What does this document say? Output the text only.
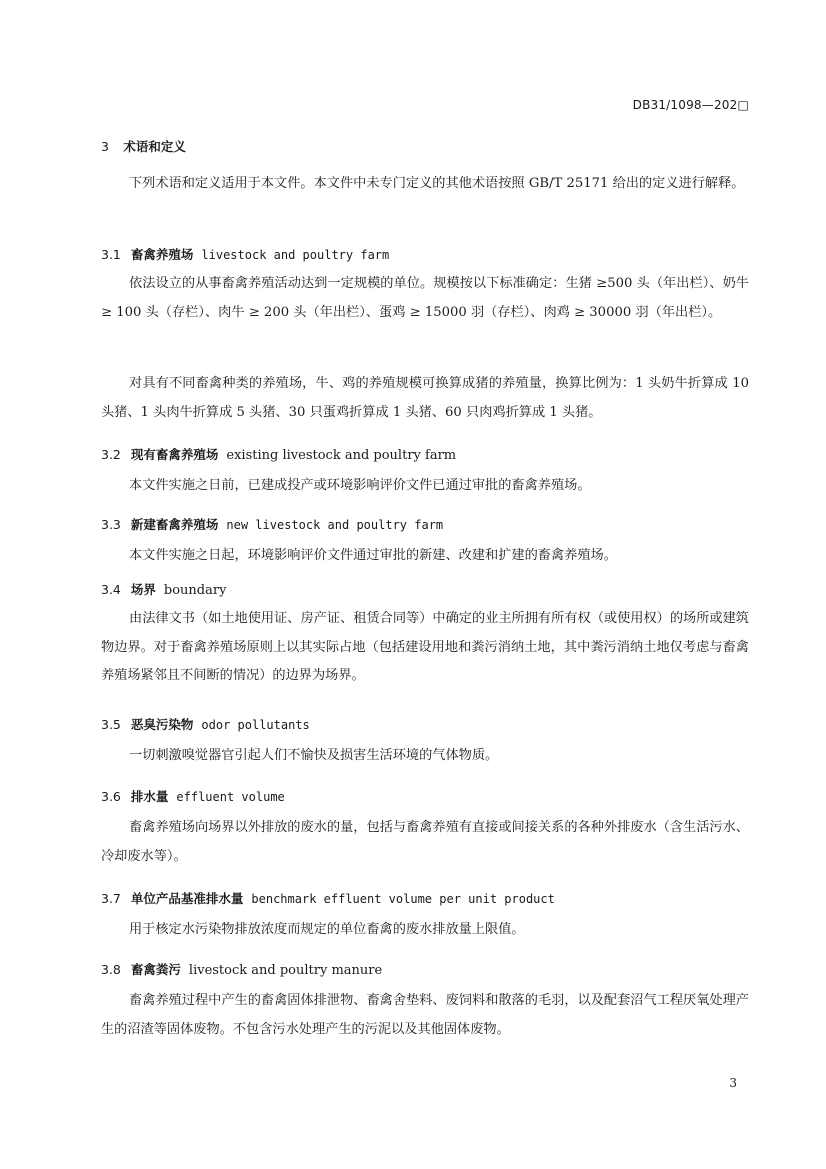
DB31/1098—202□
3 术语和定义

下列术语和定义适用于本文件。本文件中未专门定义的其他术语按照 GB/T 25171 给出的定义进行解释。

3.1 畜禽养殖场 livestock and poultry farm

依法设立的从事畜禽养殖活动达到一定规模的单位。规模按以下标准确定：生猪 ≥500 头（年出栏）、奶牛 ≥ 100 头（存栏）、肉牛 ≥ 200 头（年出栏）、蛋鸡 ≥ 15000 羽（存栏）、肉鸡 ≥ 30000 羽（年出栏）。

对具有不同畜禽种类的养殖场，牛、鸡的养殖规模可换算成猪的养殖量，换算比例为：1 头奶牛折算成 10 头猪、1 头肉牛折算成 5 头猪、30 只蛋鸡折算成 1 头猪、60 只肉鸡折算成 1 头猪。

3.2 现有畜禽养殖场 existing livestock and poultry farm

本文件实施之日前，已建成投产或环境影响评价文件已通过审批的畜禽养殖场。

3.3 新建畜禽养殖场 new livestock and poultry farm

本文件实施之日起，环境影响评价文件通过审批的新建、改建和扩建的畜禽养殖场。

3.4 场界 boundary

由法律文书（如土地使用证、房产证、租赁合同等）中确定的业主所拥有所有权（或使用权）的场所或建筑物边界。对于畜禽养殖场原则上以其实际占地（包括建设用地和粪污消纳土地，其中粪污消纳土地仅考虑与畜禽养殖场紧邻且不间断的情况）的边界为场界。

3.5 恶臭污染物 odor pollutants

一切刺激嗅觉器官引起人们不愉快及损害生活环境的气体物质。

3.6 排水量 effluent volume

畜禽养殖场向场界以外排放的废水的量，包括与畜禽养殖有直接或间接关系的各种外排废水（含生活污水、冷却废水等）。

3.7 单位产品基准排水量 benchmark effluent volume per unit product

用于核定水污染物排放浓度而规定的单位畜禽的废水排放量上限值。

3.8 畜禽粪污 livestock and poultry manure

畜禽养殖过程中产生的畜禽固体排泄物、畜禽舍垫料、废饲料和散落的毛羽，以及配套沼气工程厌氧处理产生的沼渣等固体废物。不包含污水处理产生的污泥以及其他固体废物。

3
